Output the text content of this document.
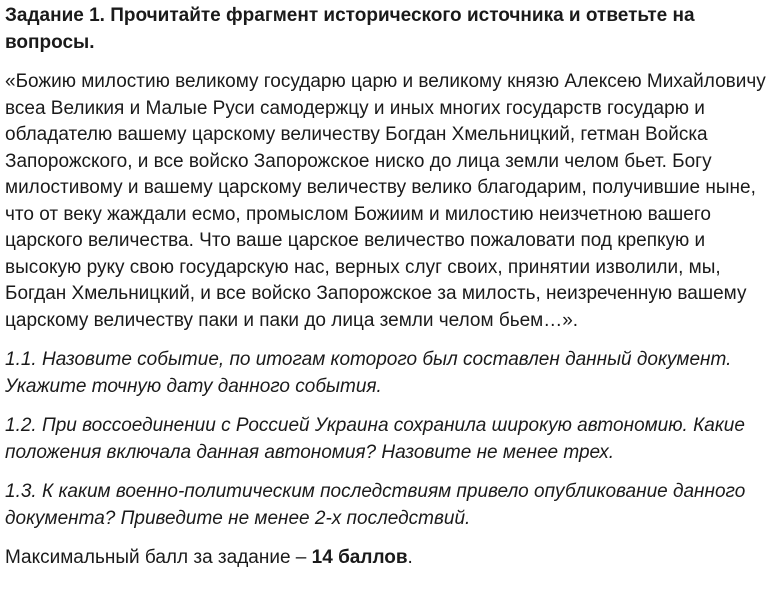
Задание 1. Прочитайте фрагмент исторического источника и ответьте на вопросы.

«Божию милостию великому государю царю и великому князю Алексею Михайловичу всеа Великия и Малые Руси самодержцу и иных многих государств государю и обладателю вашему царскому величеству Богдан Хмельницкий, гетман Войска Запорожского, и все войско Запорожское ниско до лица земли челом бьет. Богу милостивому и вашему царскому величеству велико благодарим, получившие ныне, что от веку жаждали есмо, промыслом Божиим и милостию неизчетною вашего царского величества. Что ваше царское величество пожаловати под крепкую и высокую руку свою государскую нас, верных слуг своих, принятии изволили, мы, Богдан Хмельницкий, и все войско Запорожское за милость, неизреченную вашему царскому величеству паки и паки до лица земли челом бьем…».

1.1. Назовите событие, по итогам которого был составлен данный документ. Укажите точную дату данного события.

1.2. При воссоединении с Россией Украина сохранила широкую автономию. Какие положения включала данная автономия? Назовите не менее трех.

1.3. К каким военно-политическим последствиям привело опубликование данного документа? Приведите не менее 2-х последствий.

Максимальный балл за задание – 14 баллов.
